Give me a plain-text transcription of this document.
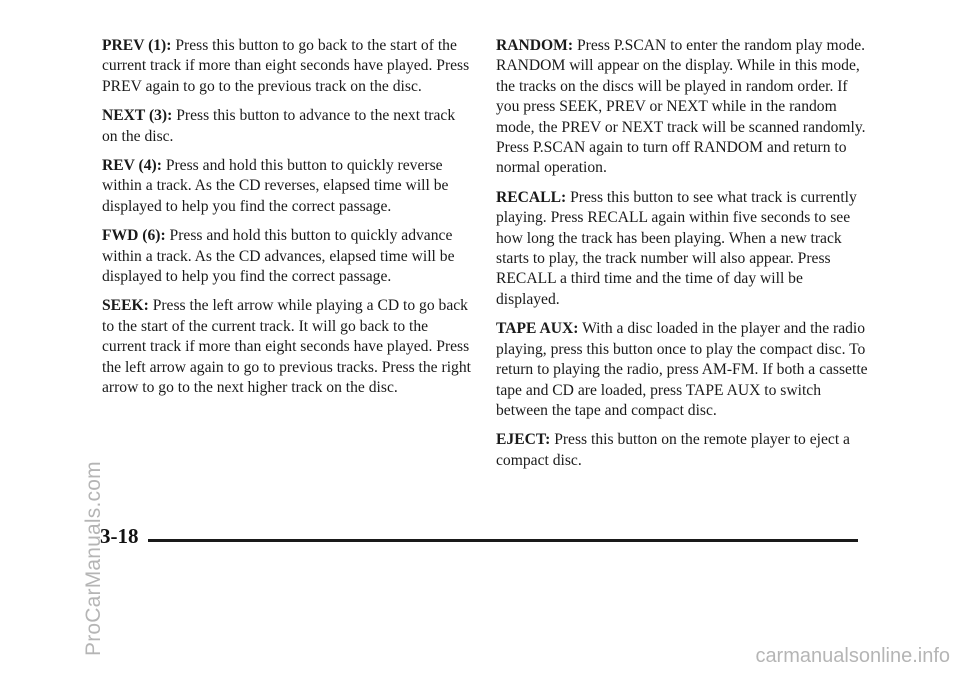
PREV (1): Press this button to go back to the start of the current track if more than eight seconds have played. Press PREV again to go to the previous track on the disc.

NEXT (3): Press this button to advance to the next track on the disc.

REV (4): Press and hold this button to quickly reverse within a track. As the CD reverses, elapsed time will be displayed to help you find the correct passage.

FWD (6): Press and hold this button to quickly advance within a track. As the CD advances, elapsed time will be displayed to help you find the correct passage.

SEEK: Press the left arrow while playing a CD to go back to the start of the current track. It will go back to the current track if more than eight seconds have played. Press the left arrow again to go to previous tracks. Press the right arrow to go to the next higher track on the disc.

RANDOM: Press P.SCAN to enter the random play mode. RANDOM will appear on the display. While in this mode, the tracks on the discs will be played in random order. If you press SEEK, PREV or NEXT while in the random mode, the PREV or NEXT track will be scanned randomly. Press P.SCAN again to turn off RANDOM and return to normal operation.

RECALL: Press this button to see what track is currently playing. Press RECALL again within five seconds to see how long the track has been playing. When a new track starts to play, the track number will also appear. Press RECALL a third time and the time of day will be displayed.

TAPE AUX: With a disc loaded in the player and the radio playing, press this button once to play the compact disc. To return to playing the radio, press AM-FM. If both a cassette tape and CD are loaded, press TAPE AUX to switch between the tape and compact disc.

EJECT: Press this button on the remote player to eject a compact disc.

ProCarManuals.com
3-18
carmanualsonline.info
